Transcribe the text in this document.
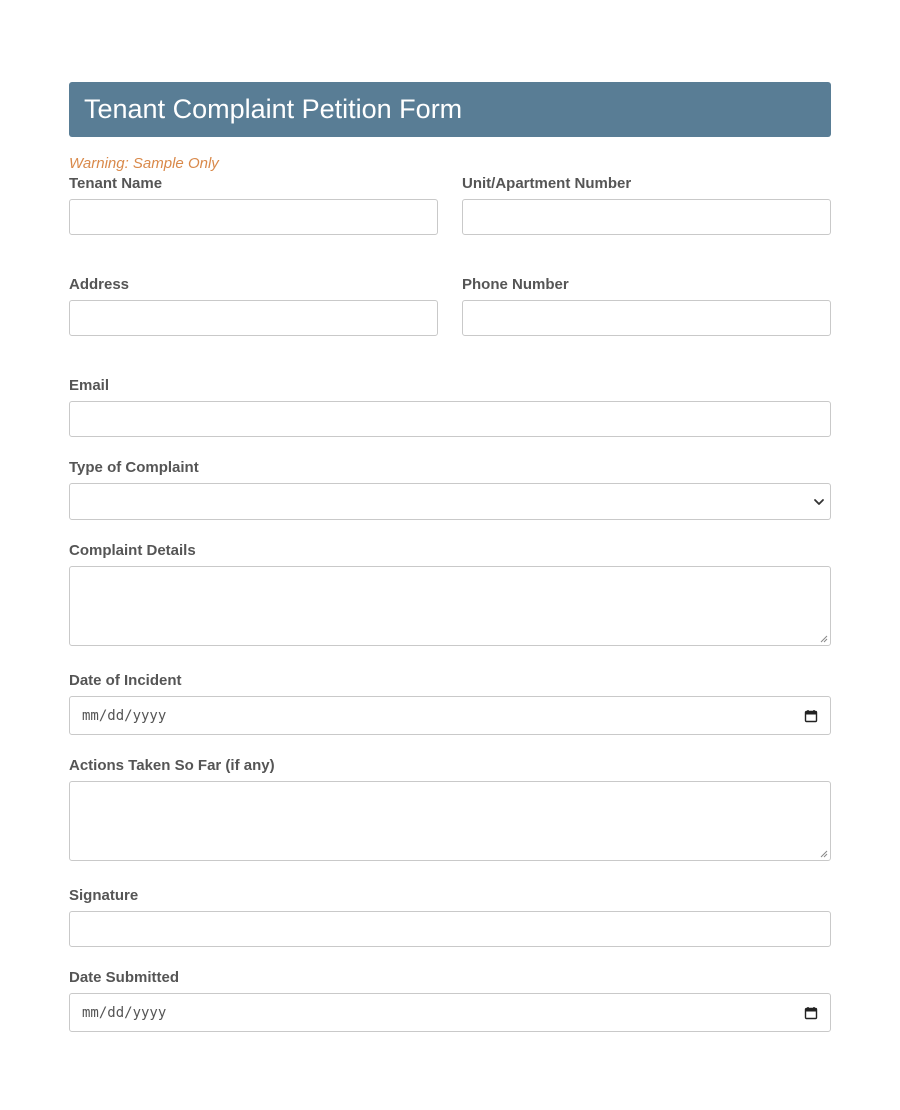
Tenant Complaint Petition Form
Warning: Sample Only
Tenant Name	Unit/Apartment Number
Address	Phone Number
Email
Type of Complaint
Complaint Details
Date of Incident
mm/dd/yyyy
Actions Taken So Far (if any)
Signature
Date Submitted
mm/dd/yyyy
